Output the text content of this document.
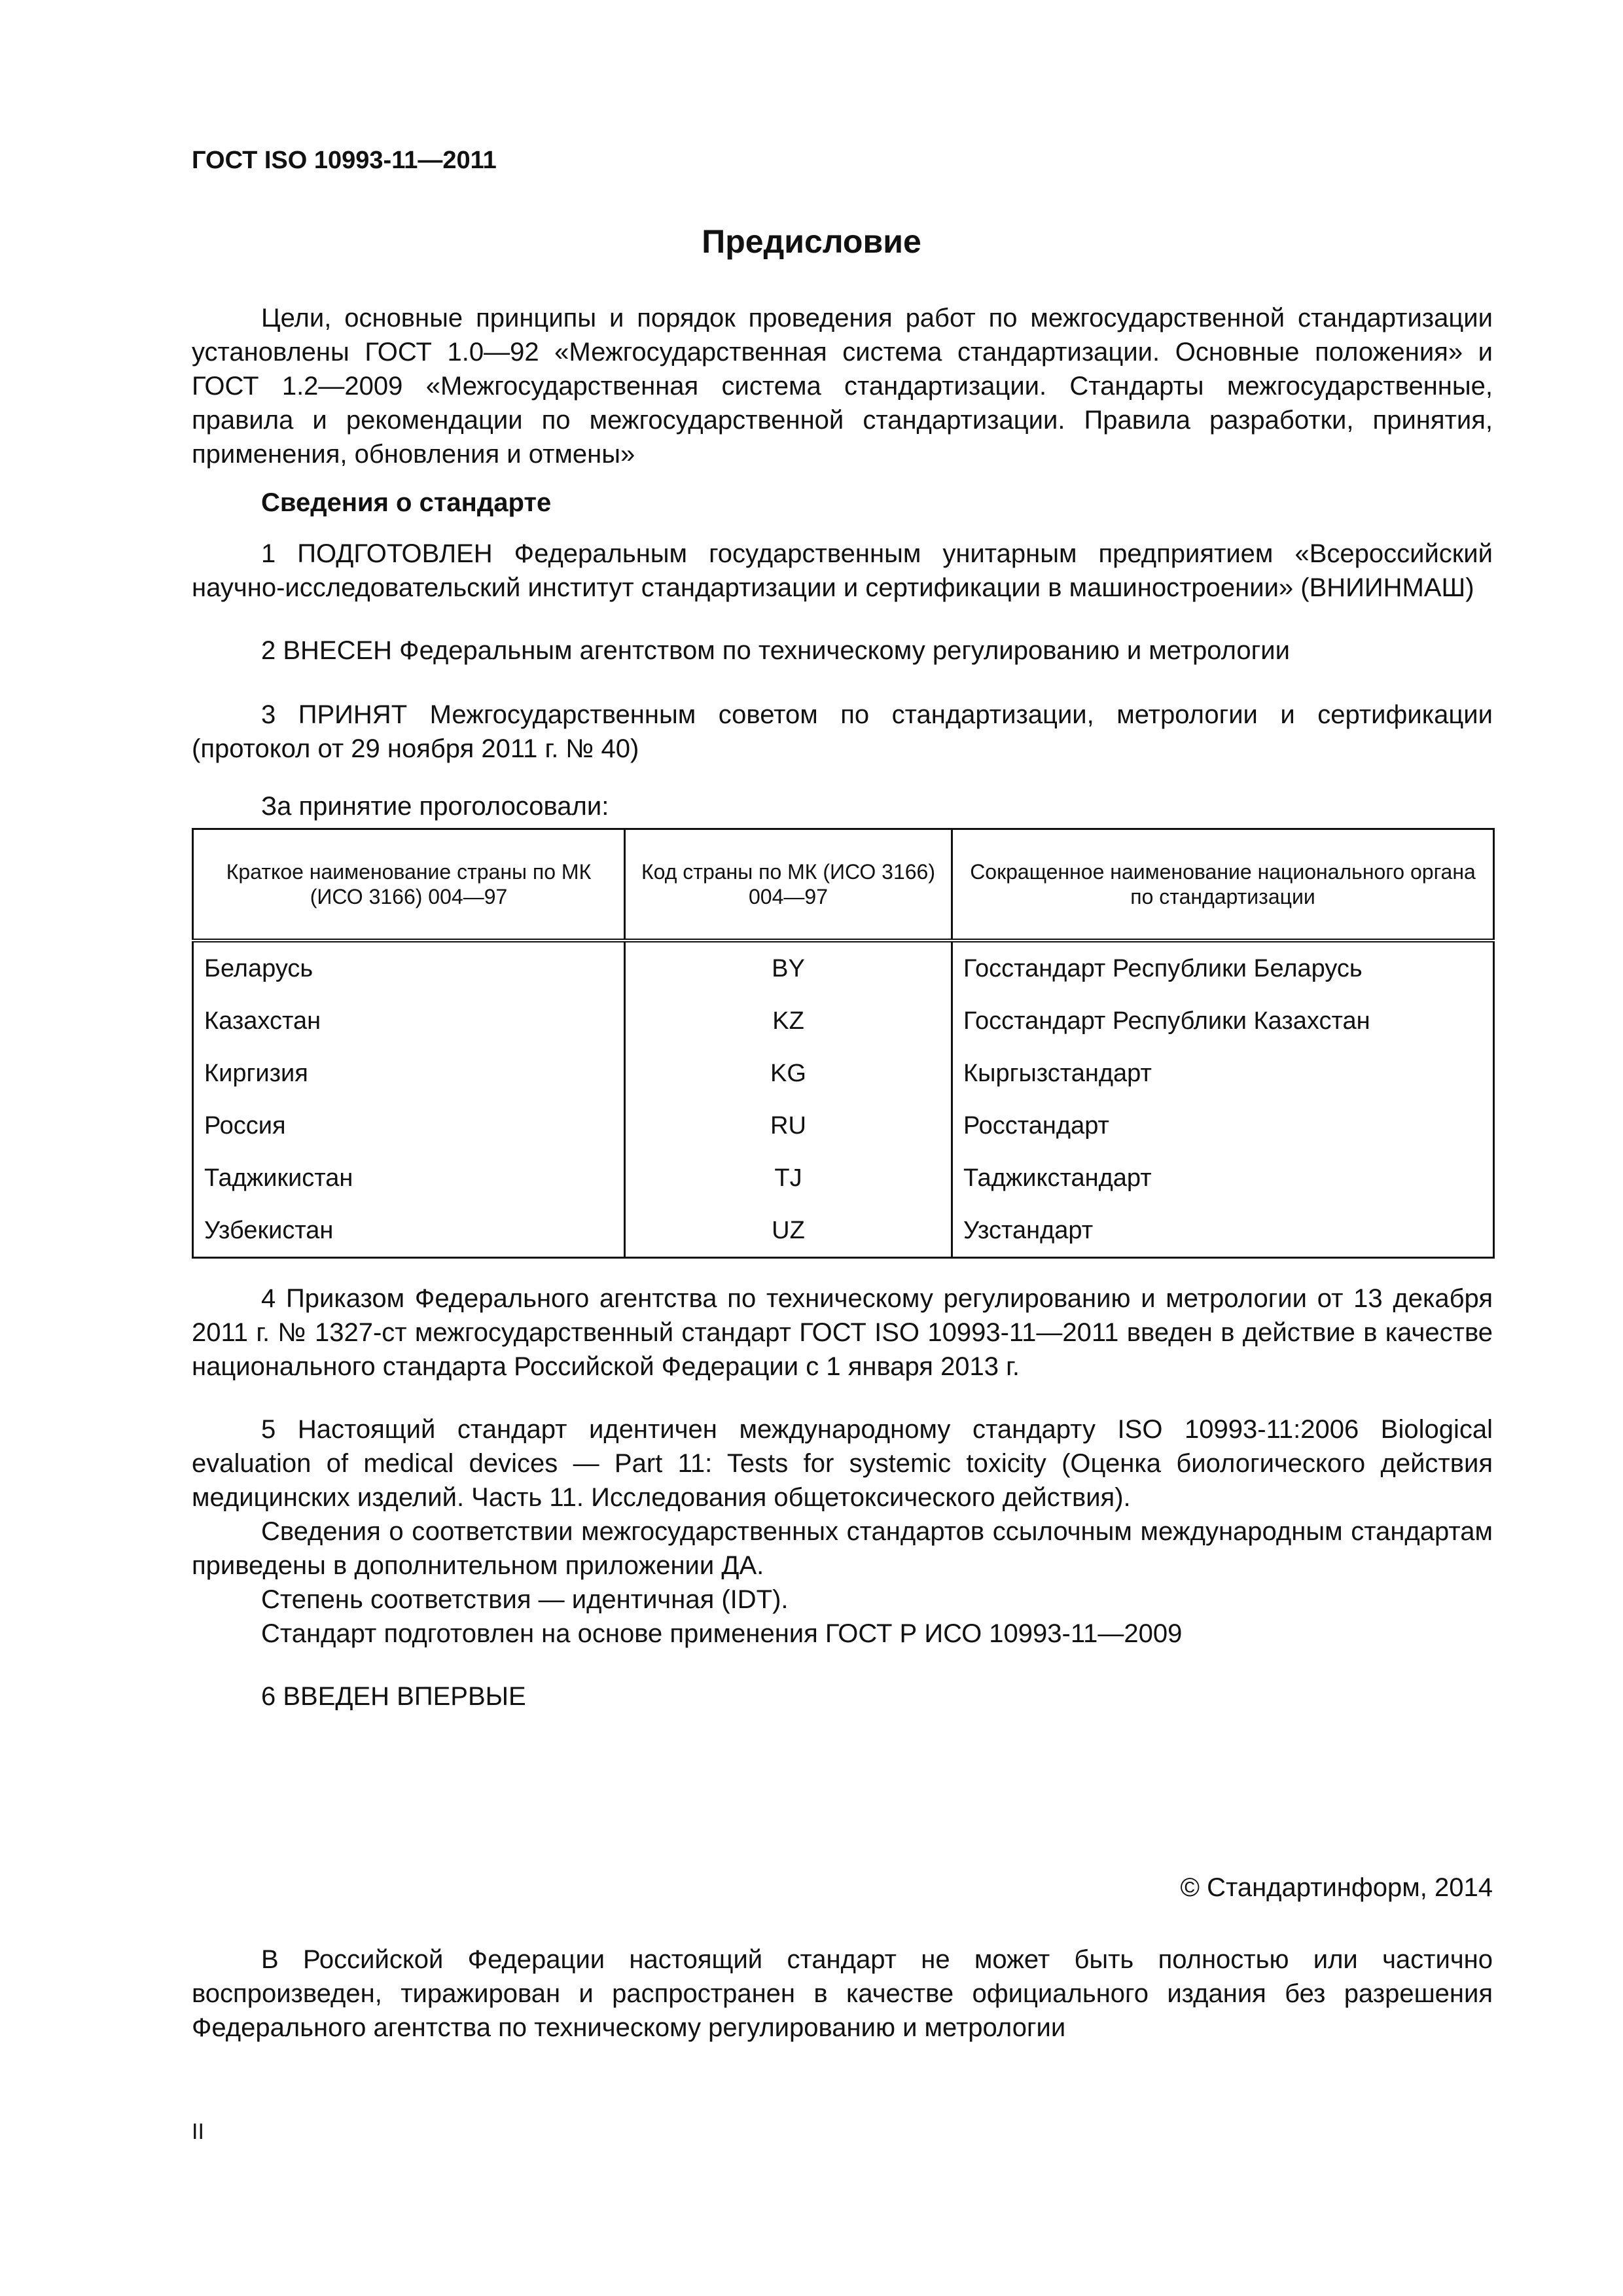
ГОСТ ISO 10993-11—2011

Предисловие

Цели, основные принципы и порядок проведения работ по межгосударственной стандартизации установлены ГОСТ 1.0—92 «Межгосударственная система стандартизации. Основные положения» и ГОСТ 1.2—2009 «Межгосударственная система стандартизации. Стандарты межгосударственные, правила и рекомендации по межгосударственной стандартизации. Правила разработки, принятия, применения, обновления и отмены»

Сведения о стандарте

1 ПОДГОТОВЛЕН Федеральным государственным унитарным предприятием «Всероссийский научно-исследовательский институт стандартизации и сертификации в машиностроении» (ВНИИНМАШ)

2 ВНЕСЕН Федеральным агентством по техническому регулированию и метрологии

3 ПРИНЯТ Межгосударственным советом по стандартизации, метрологии и сертификации (протокол от 29 ноября 2011 г. № 40)

За принятие проголосовали:

Краткое наименование страны по МК (ИСО 3166) 004—97	Код страны по МК (ИСО 3166) 004—97	Сокращенное наименование национального органа по стандартизации
Беларусь	BY	Госстандарт Республики Беларусь
Казахстан	KZ	Госстандарт Республики Казахстан
Киргизия	KG	Кыргызстандарт
Россия	RU	Росстандарт
Таджикистан	TJ	Таджикстандарт
Узбекистан	UZ	Узстандарт

4 Приказом Федерального агентства по техническому регулированию и метрологии от 13 декабря 2011 г. № 1327-ст межгосударственный стандарт ГОСТ ISO 10993-11—2011 введен в действие в качестве национального стандарта Российской Федерации с 1 января 2013 г.

5 Настоящий стандарт идентичен международному стандарту ISO 10993-11:2006 Biological evaluation of medical devices — Part 11: Tests for systemic toxicity (Оценка биологического действия медицинских изделий. Часть 11. Исследования общетоксического действия).

Сведения о соответствии межгосударственных стандартов ссылочным международным стандартам приведены в дополнительном приложении ДА.

Степень соответствия — идентичная (IDT).

Стандарт подготовлен на основе применения ГОСТ Р ИСО 10993-11—2009

6 ВВЕДЕН ВПЕРВЫЕ

© Стандартинформ, 2014

В Российской Федерации настоящий стандарт не может быть полностью или частично воспроизведен, тиражирован и распространен в качестве официального издания без разрешения Федерального агентства по техническому регулированию и метрологии

II
